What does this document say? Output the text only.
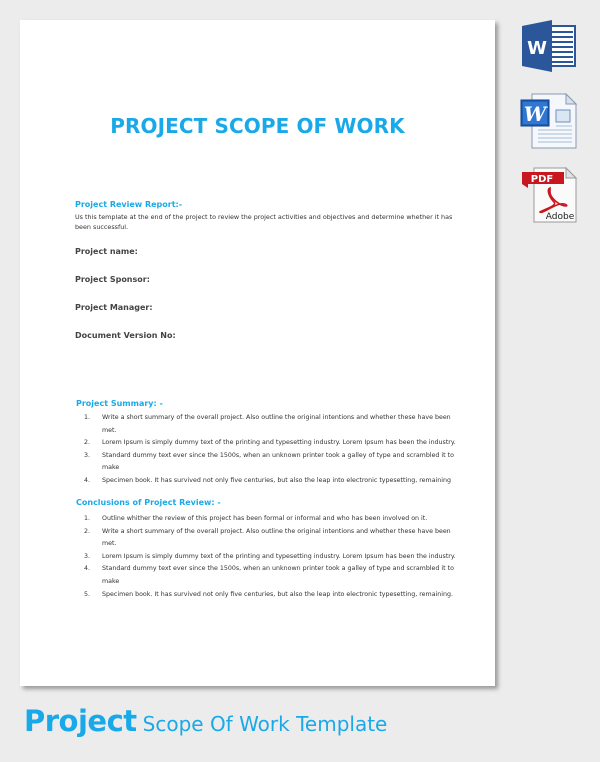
PROJECT SCOPE OF WORK
Project Review Report:-
Us this template at the end of the project to review the project activities and objectives and determine whether it has been successful.
Project name:
Project Sponsor:
Project Manager:
Document Version No:
Project Summary: -
1.	Write a short summary of the overall project. Also outline the original intentions and whether these have been met.
2.	Lorem Ipsum is simply dummy text of the printing and typesetting industry. Lorem Ipsum has been the industry.
3.	Standard dummy text ever since the 1500s, when an unknown printer took a galley of type and scrambled it to make
4.	Specimen book. It has survived not only five centuries, but also the leap into electronic typesetting, remaining
Conclusions of Project Review: -
1.	Outline whither the review of this project has been formal or informal and who has been involved on it.
2.	Write a short summary of the overall project. Also outline the original intentions and whether these have been met.
3.	Lorem Ipsum is simply dummy text of the printing and typesetting industry. Lorem Ipsum has been the industry.
4.	Standard dummy text ever since the 1500s, when an unknown printer took a galley of type and scrambled it to make
5.	Specimen book. It has survived not only five centuries, but also the leap into electronic typesetting, remaining.
W
W
PDF
Adobe
Project Scope Of Work Template
